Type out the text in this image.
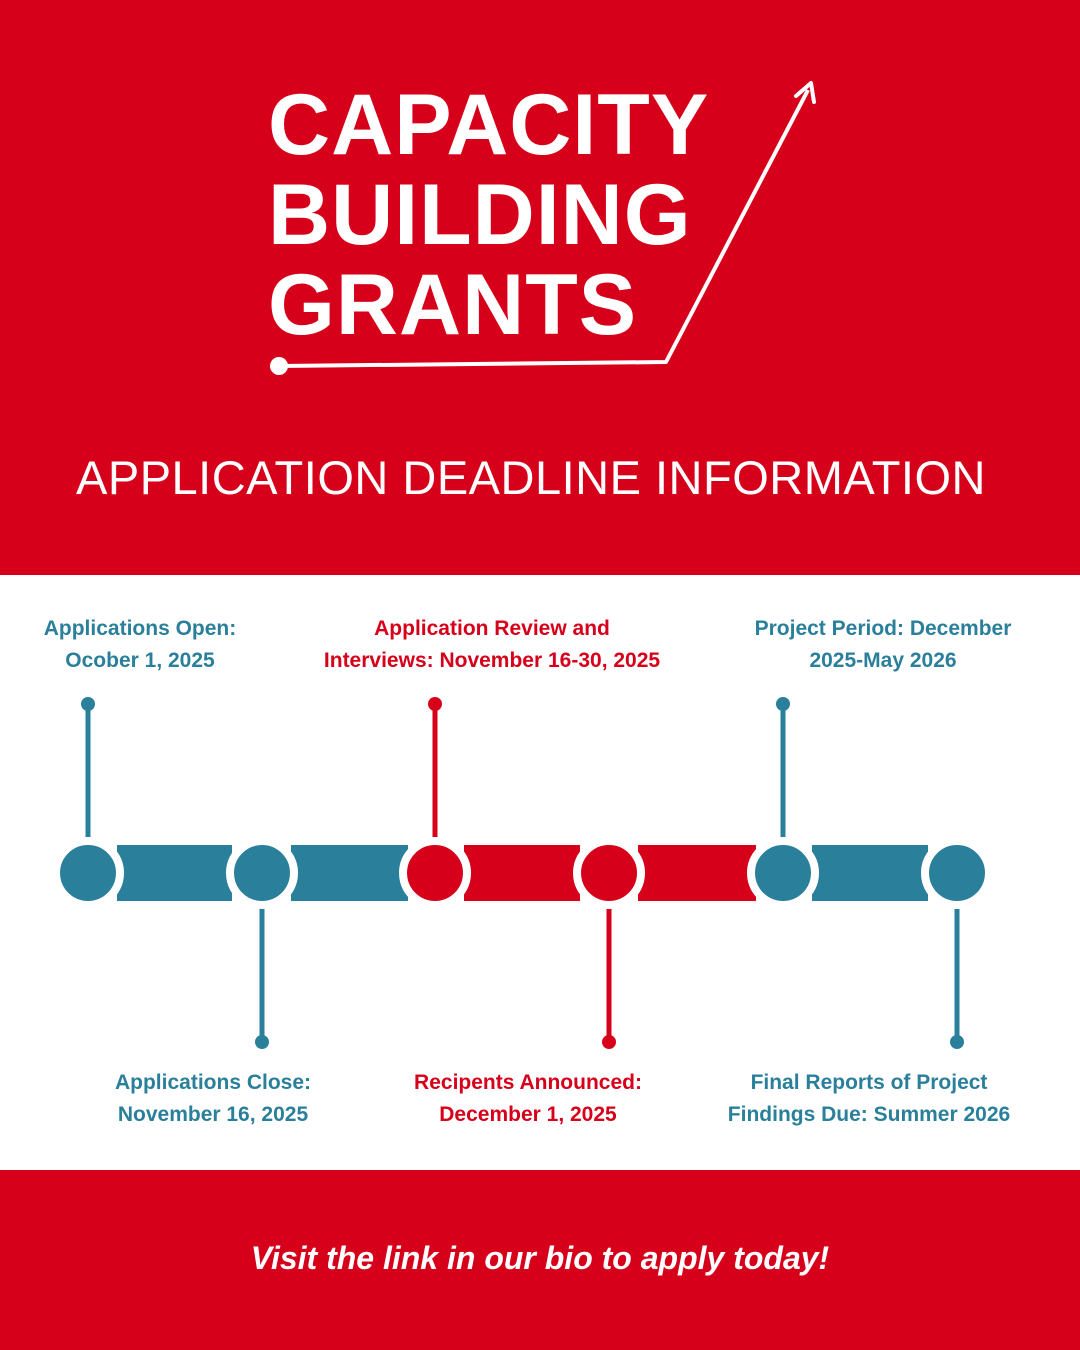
CAPACITY
BUILDING
GRANTS
APPLICATION DEADLINE INFORMATION
Applications Open:
Ocober 1, 2025
Application Review and
Interviews: November 16-30, 2025
Project Period: December
2025-May 2026
Applications Close:
November 16, 2025
Recipents Announced:
December 1, 2025
Final Reports of Project
Findings Due: Summer 2026
Visit the link in our bio to apply today!
